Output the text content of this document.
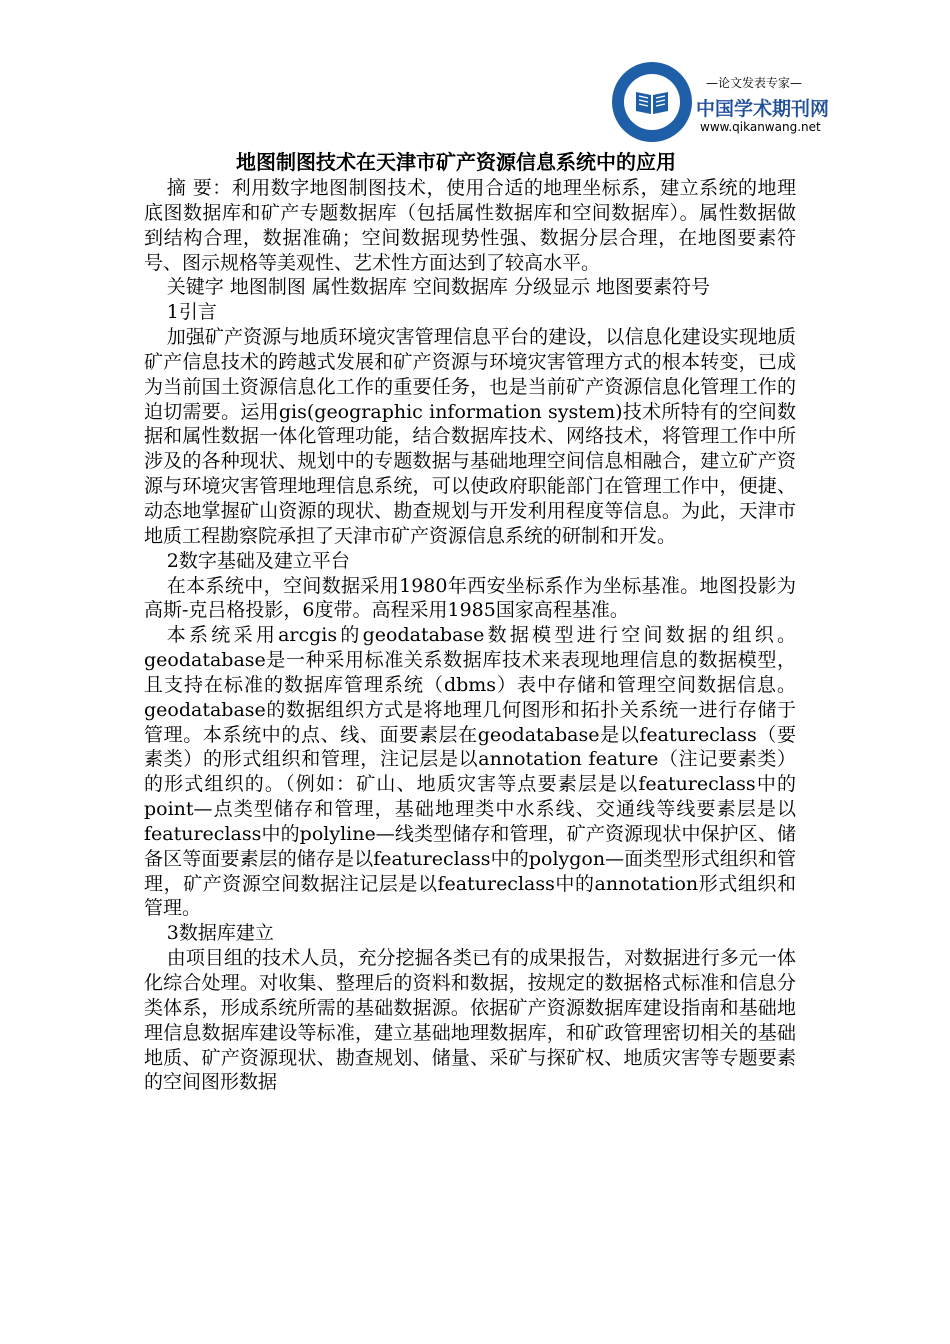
—论文发表专家—
中国学术期刊网
www.qikanwang.net
地图制图技术在天津市矿产资源信息系统中的应用

摘 要：利用数字地图制图技术，使用合适的地理坐标系，建立系统的地理底图数据库和矿产专题数据库（包括属性数据库和空间数据库）。属性数据做到结构合理，数据准确；空间数据现势性强、数据分层合理，在地图要素符号、图示规格等美观性、艺术性方面达到了较高水平。

关键字 地图制图 属性数据库 空间数据库 分级显示 地图要素符号

1引言

加强矿产资源与地质环境灾害管理信息平台的建设，以信息化建设实现地质矿产信息技术的跨越式发展和矿产资源与环境灾害管理方式的根本转变，已成为当前国土资源信息化工作的重要任务，也是当前矿产资源信息化管理工作的迫切需要。运用gis(geographic information system)技术所特有的空间数据和属性数据一体化管理功能，结合数据库技术、网络技术，将管理工作中所涉及的各种现状、规划中的专题数据与基础地理空间信息相融合，建立矿产资源与环境灾害管理地理信息系统，可以使政府职能部门在管理工作中，便捷、动态地掌握矿山资源的现状、勘查规划与开发利用程度等信息。为此，天津市地质工程勘察院承担了天津市矿产资源信息系统的研制和开发。

2数字基础及建立平台

在本系统中，空间数据采用1980年西安坐标系作为坐标基准。地图投影为高斯-克吕格投影，6度带。高程采用1985国家高程基准。

本系统采用arcgis的geodatabase数据模型进行空间数据的组织。geodatabase是一种采用标准关系数据库技术来表现地理信息的数据模型，且支持在标准的数据库管理系统（dbms）表中存储和管理空间数据信息。geodatabase的数据组织方式是将地理几何图形和拓扑关系统一进行存储于管理。本系统中的点、线、面要素层在geodatabase是以featureclass（要素类）的形式组织和管理，注记层是以annotation feature（注记要素类）的形式组织的。（例如：矿山、地质灾害等点要素层是以featureclass中的point—点类型储存和管理，基础地理类中水系线、交通线等线要素层是以featureclass中的polyline—线类型储存和管理，矿产资源现状中保护区、储备区等面要素层的储存是以featureclass中的polygon—面类型形式组织和管理，矿产资源空间数据注记层是以featureclass中的annotation形式组织和管理。

3数据库建立

由项目组的技术人员，充分挖掘各类已有的成果报告，对数据进行多元一体化综合处理。对收集、整理后的资料和数据，按规定的数据格式标准和信息分类体系，形成系统所需的基础数据源。依据矿产资源数据库建设指南和基础地理信息数据库建设等标准，建立基础地理数据库，和矿政管理密切相关的基础地质、矿产资源现状、勘查规划、储量、采矿与探矿权、地质灾害等专题要素的空间图形数据
